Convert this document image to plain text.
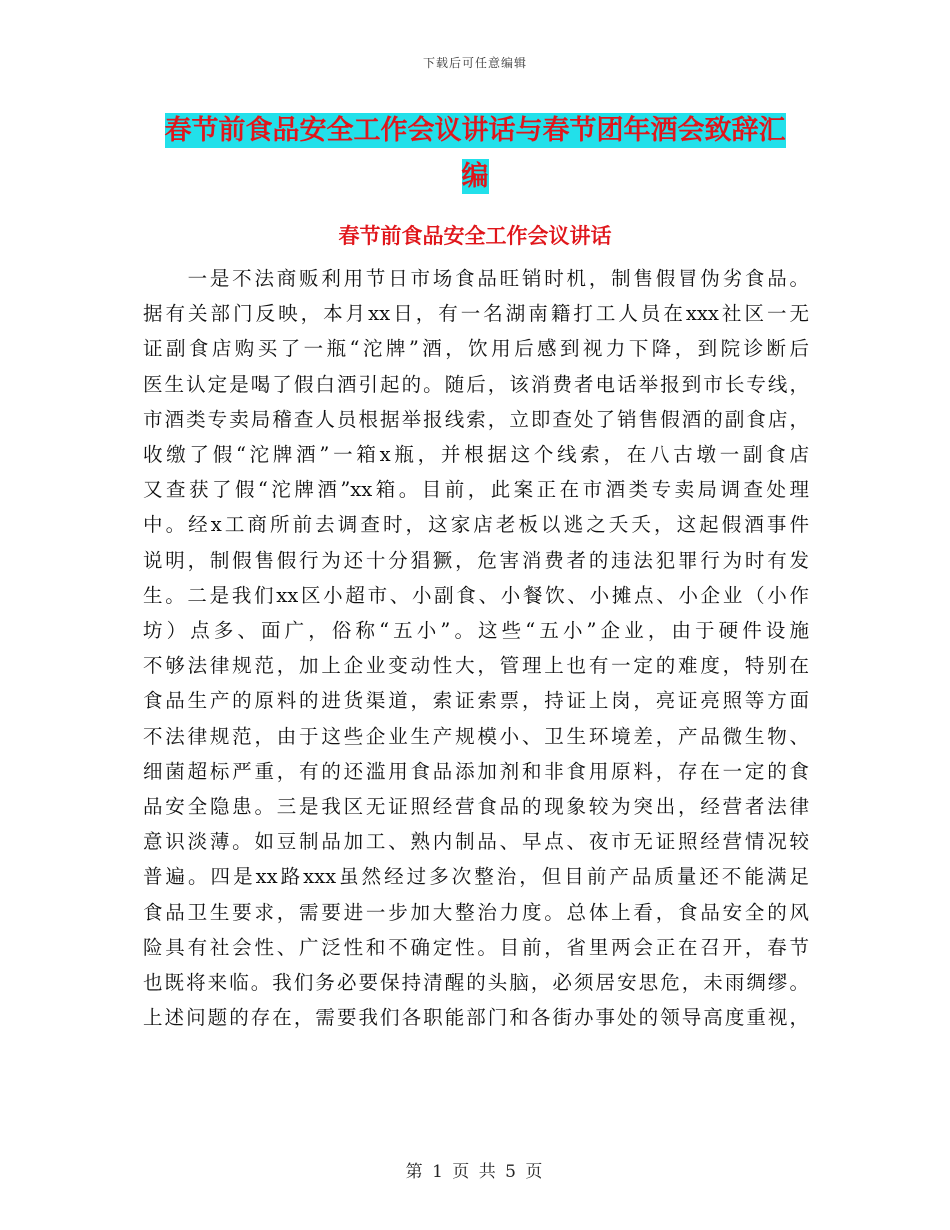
下载后可任意编辑
春节前食品安全工作会议讲话与春节团年酒会致辞汇
编
春节前食品安全工作会议讲话
　　一是不法商贩利用节日市场食品旺销时机，制售假冒伪劣食品。
据有关部门反映，本月xx日，有一名湖南籍打工人员在xxx社区一无
证副食店购买了一瓶“沱牌”酒，饮用后感到视力下降，到院诊断后
医生认定是喝了假白酒引起的。随后，该消费者电话举报到市长专线，
市酒类专卖局稽查人员根据举报线索，立即查处了销售假酒的副食店，
收缴了假“沱牌酒”一箱x瓶，并根据这个线索，在八古墩一副食店
又查获了假“沱牌酒”xx箱。目前，此案正在市酒类专卖局调查处理
中。经x工商所前去调查时，这家店老板以逃之夭夭，这起假酒事件
说明，制假售假行为还十分猖獗，危害消费者的违法犯罪行为时有发
生。二是我们xx区小超市、小副食、小餐饮、小摊点、小企业（小作
坊）点多、面广，俗称“五小”。这些“五小”企业，由于硬件设施
不够法律规范，加上企业变动性大，管理上也有一定的难度，特别在
食品生产的原料的进货渠道，索证索票，持证上岗，亮证亮照等方面
不法律规范，由于这些企业生产规模小、卫生环境差，产品微生物、
细菌超标严重，有的还滥用食品添加剂和非食用原料，存在一定的食
品安全隐患。三是我区无证照经营食品的现象较为突出，经营者法律
意识淡薄。如豆制品加工、熟内制品、早点、夜市无证照经营情况较
普遍。四是xx路xxx虽然经过多次整治，但目前产品质量还不能满足
食品卫生要求，需要进一步加大整治力度。总体上看，食品安全的风
险具有社会性、广泛性和不确定性。目前，省里两会正在召开，春节
也既将来临。我们务必要保持清醒的头脑，必须居安思危，未雨绸缪。
上述问题的存在，需要我们各职能部门和各街办事处的领导高度重视，
第 1 页 共 5 页
